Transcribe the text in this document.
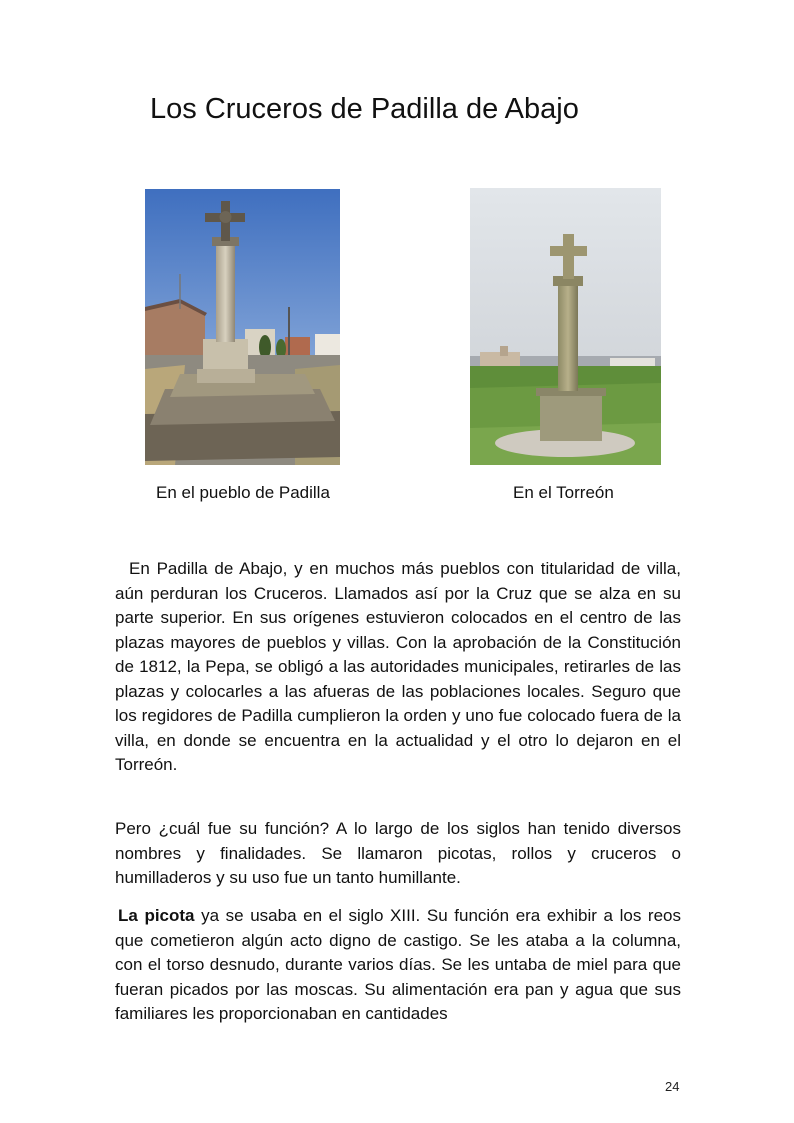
Los Cruceros de Padilla de Abajo

En el pueblo de Padilla	En el Torreón

En Padilla de Abajo, y en muchos más pueblos con titularidad de villa, aún perduran los Cruceros. Llamados así por la Cruz que se alza en su parte superior. En sus orígenes estuvieron colocados en el centro de las plazas mayores de pueblos y villas. Con la aprobación de la Constitución de 1812, la Pepa, se obligó a las autoridades municipales, retirarles de las plazas y colocarles a las afueras de las poblaciones locales. Seguro que los regidores de Padilla cumplieron la orden y uno fue colocado fuera de la villa, en donde se encuentra en la actualidad y el otro lo dejaron en el Torreón.

Pero ¿cuál fue su función? A lo largo de los siglos han tenido diversos nombres y finalidades. Se llamaron picotas, rollos y cruceros o humilladeros y su uso fue un tanto humillante.

La picota ya se usaba en el siglo XIII. Su función era exhibir a los reos que cometieron algún acto digno de castigo. Se les ataba a la columna, con el torso desnudo, durante varios días. Se les untaba de miel para que fueran picados por las moscas. Su alimentación era pan y agua que sus familiares les proporcionaban en cantidades

24
